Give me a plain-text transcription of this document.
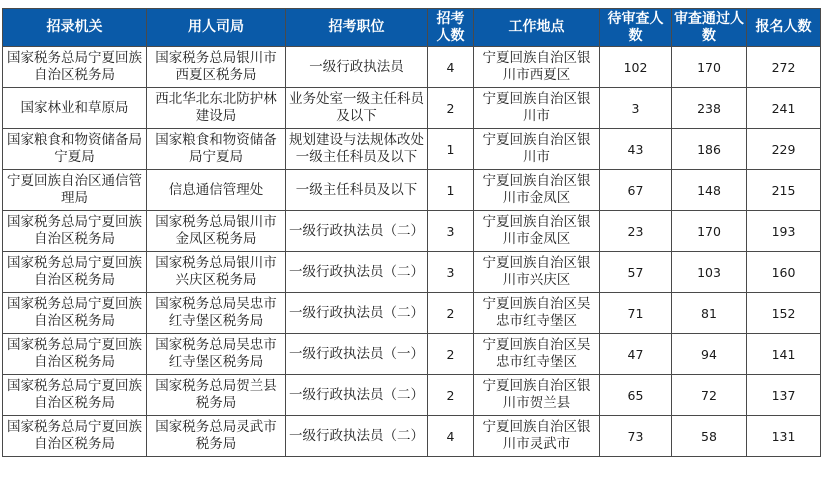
招录机关	用人司局	招考职位	招考人数	工作地点	待审查人数	审查通过人数	报名人数
国家税务总局宁夏回族自治区税务局	国家税务总局银川市西夏区税务局	一级行政执法员	4	宁夏回族自治区银川市西夏区	102	170	272
国家林业和草原局	西北华北东北防护林建设局	业务处室一级主任科员及以下	2	宁夏回族自治区银川市	3	238	241
国家粮食和物资储备局宁夏局	国家粮食和物资储备局宁夏局	规划建设与法规体改处一级主任科员及以下	1	宁夏回族自治区银川市	43	186	229
宁夏回族自治区通信管理局	信息通信管理处	一级主任科员及以下	1	宁夏回族自治区银川市金凤区	67	148	215
国家税务总局宁夏回族自治区税务局	国家税务总局银川市金凤区税务局	一级行政执法员（二）	3	宁夏回族自治区银川市金凤区	23	170	193
国家税务总局宁夏回族自治区税务局	国家税务总局银川市兴庆区税务局	一级行政执法员（二）	3	宁夏回族自治区银川市兴庆区	57	103	160
国家税务总局宁夏回族自治区税务局	国家税务总局吴忠市红寺堡区税务局	一级行政执法员（二）	2	宁夏回族自治区吴忠市红寺堡区	71	81	152
国家税务总局宁夏回族自治区税务局	国家税务总局吴忠市红寺堡区税务局	一级行政执法员（一）	2	宁夏回族自治区吴忠市红寺堡区	47	94	141
国家税务总局宁夏回族自治区税务局	国家税务总局贺兰县税务局	一级行政执法员（二）	2	宁夏回族自治区银川市贺兰县	65	72	137
国家税务总局宁夏回族自治区税务局	国家税务总局灵武市税务局	一级行政执法员（二）	4	宁夏回族自治区银川市灵武市	73	58	131
